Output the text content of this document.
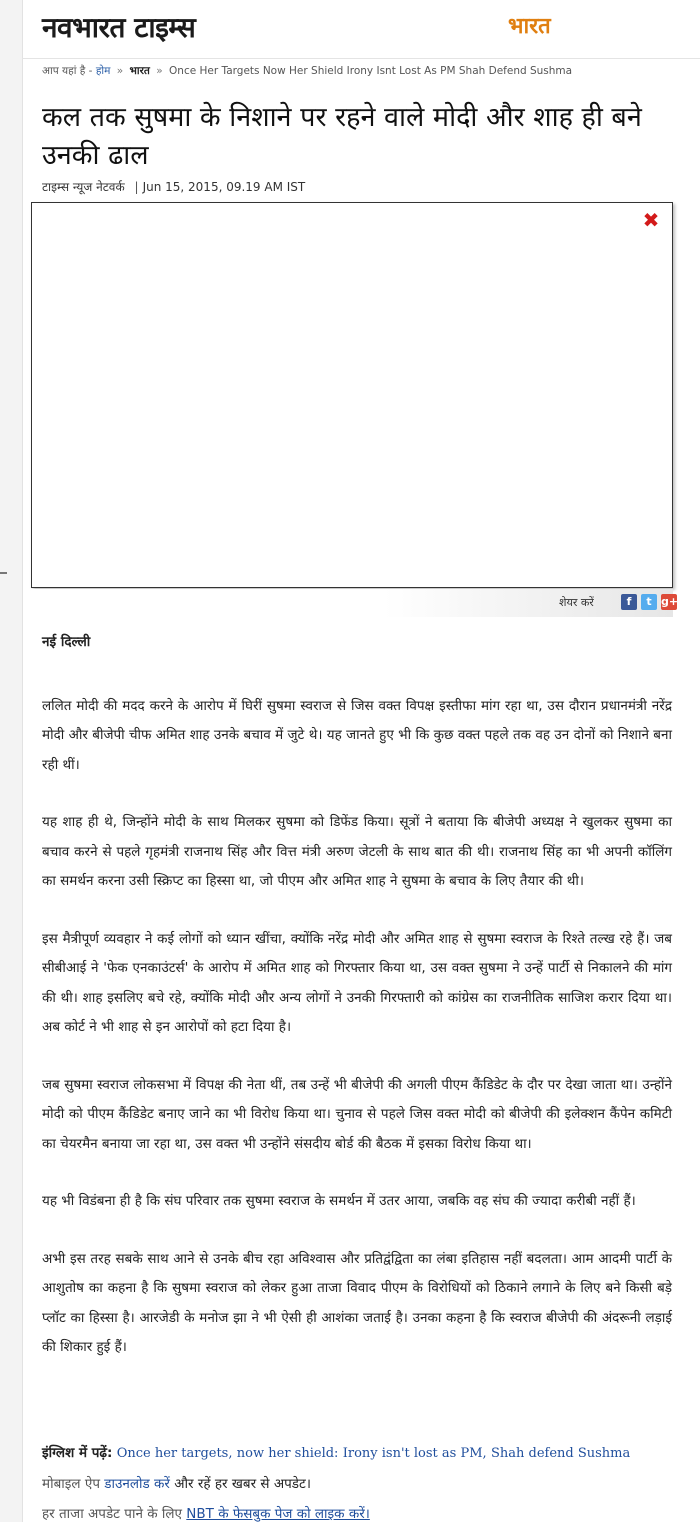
नवभारत टाइम्स	भारत
आप यहां है - होम » भारत » Once Her Targets Now Her Shield Irony Isnt Lost As PM Shah Defend Sushma
कल तक सुषमा के निशाने पर रहने वाले मोदी और शाह ही बने उनकी ढाल
टाइम्स न्यूज नेटवर्क | Jun 15, 2015, 09.19 AM IST
✖
शेयर करें	f	t g+

नई दिल्ली

ललित मोदी की मदद करने के आरोप में घिरीं सुषमा स्वराज से जिस वक्त विपक्ष इस्तीफा मांग रहा था, उस दौरान प्रधानमंत्री नरेंद्र मोदी और बीजेपी चीफ अमित शाह उनके बचाव में जुटे थे। यह जानते हुए भी कि कुछ वक्त पहले तक वह उन दोनों को निशाने बना रही थीं।

यह शाह ही थे, जिन्होंने मोदी के साथ मिलकर सुषमा को डिफेंड किया। सूत्रों ने बताया कि बीजेपी अध्यक्ष ने खुलकर सुषमा का बचाव करने से पहले गृहमंत्री राजनाथ सिंह और वित्त मंत्री अरुण जेटली के साथ बात की थी। राजनाथ सिंह का भी अपनी कॉलिंग का समर्थन करना उसी स्क्रिप्ट का हिस्सा था, जो पीएम और अमित शाह ने सुषमा के बचाव के लिए तैयार की थी।

इस मैत्रीपूर्ण व्यवहार ने कई लोगों को ध्यान खींचा, क्योंकि नरेंद्र मोदी और अमित शाह से सुषमा स्वराज के रिश्ते तल्ख रहे हैं। जब सीबीआई ने 'फेक एनकाउंटर्स' के आरोप में अमित शाह को गिरफ्तार किया था, उस वक्त सुषमा ने उन्हें पार्टी से निकालने की मांग की थी। शाह इसलिए बचे रहे, क्योंकि मोदी और अन्य लोगों ने उनकी गिरफ्तारी को कांग्रेस का राजनीतिक साजिश करार दिया था। अब कोर्ट ने भी शाह से इन आरोपों को हटा दिया है।

जब सुषमा स्वराज लोकसभा में विपक्ष की नेता थीं, तब उन्हें भी बीजेपी की अगली पीएम कैंडिडेट के दौर पर देखा जाता था। उन्होंने मोदी को पीएम कैंडिडेट बनाए जाने का भी विरोध किया था। चुनाव से पहले जिस वक्त मोदी को बीजेपी की इलेक्शन कैंपेन कमिटी का चेयरमैन बनाया जा रहा था, उस वक्त भी उन्होंने संसदीय बोर्ड की बैठक में इसका विरोध किया था।

यह भी विडंबना ही है कि संघ परिवार तक सुषमा स्वराज के समर्थन में उतर आया, जबकि वह संघ की ज्यादा करीबी नहीं हैं।

अभी इस तरह सबके साथ आने से उनके बीच रहा अविश्वास और प्रतिद्वंद्विता का लंबा इतिहास नहीं बदलता। आम आदमी पार्टी के आशुतोष का कहना है कि सुषमा स्वराज को लेकर हुआ ताजा विवाद पीएम के विरोधियों को ठिकाने लगाने के लिए बने किसी बड़े प्लॉट का हिस्सा है। आरजेडी के मनोज झा ने भी ऐसी ही आशंका जताई है। उनका कहना है कि स्वराज बीजेपी की अंदरूनी लड़ाई की शिकार हुई हैं।

इंग्लिश में पढ़ें: Once her targets, now her shield: Irony isn't lost as PM, Shah defend Sushma
मोबाइल ऐप डाउनलोड करें और रहें हर खबर से अपडेट।
हर ताजा अपडेट पाने के लिए NBT के फेसबुक पेज को लाइक करें।
